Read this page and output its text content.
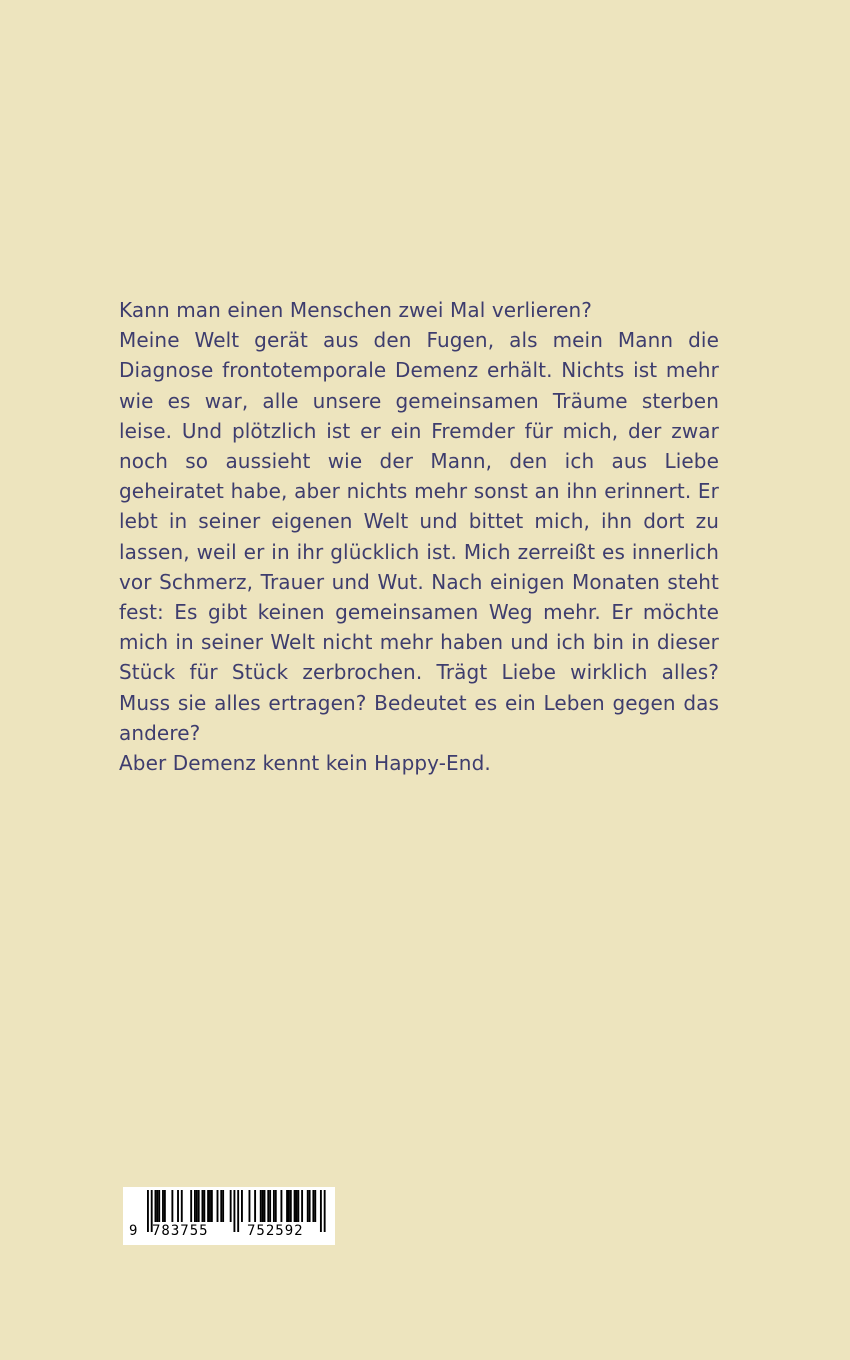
Kann man einen Menschen zwei Mal verlieren?

Meine Welt gerät aus den Fugen, als mein Mann die Diagnose frontotemporale Demenz erhält. Nichts ist mehr wie es war, alle unsere gemeinsamen Träume sterben leise. Und plötzlich ist er ein Fremder für mich, der zwar noch so aussieht wie der Mann, den ich aus Liebe geheiratet habe, aber nichts mehr sonst an ihn erinnert. Er lebt in seiner eigenen Welt und bittet mich, ihn dort zu lassen, weil er in ihr glücklich ist. Mich zerreißt es innerlich vor Schmerz, Trauer und Wut. Nach einigen Monaten steht fest: Es gibt keinen gemeinsamen Weg mehr. Er möchte mich in seiner Welt nicht mehr haben und ich bin in dieser Stück für Stück zerbrochen. Trägt Liebe wirklich alles? Muss sie alles ertragen? Bedeutet es ein Leben gegen das andere?

Aber Demenz kennt kein Happy-End.

9 783755	752592
